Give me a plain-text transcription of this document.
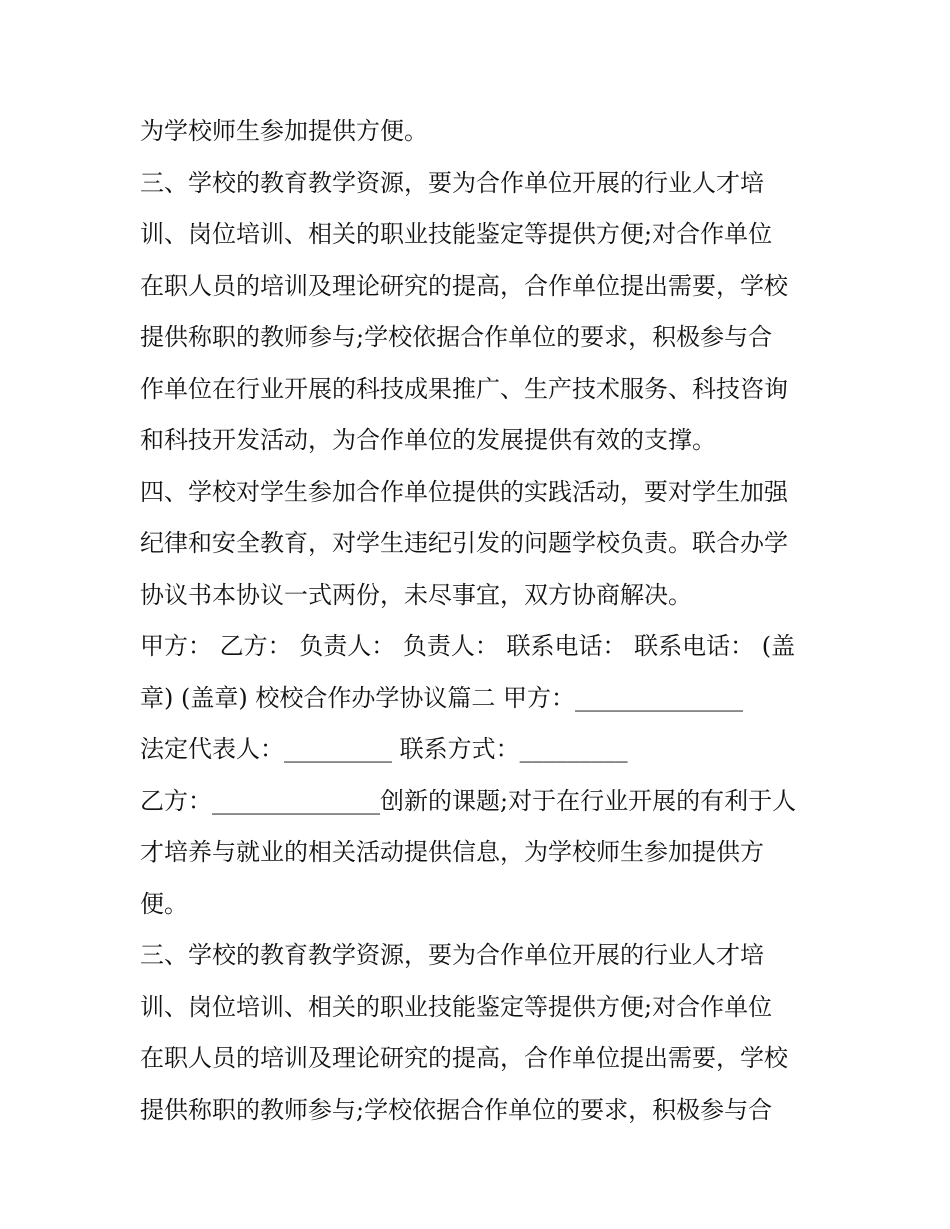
为学校师生参加提供方便。

三、学校的教育教学资源，要为合作单位开展的行业人才培
训、岗位培训、相关的职业技能鉴定等提供方便;对合作单位
在职人员的培训及理论研究的提高，合作单位提出需要，学校
提供称职的教师参与;学校依据合作单位的要求，积极参与合
作单位在行业开展的科技成果推广、生产技术服务、科技咨询
和科技开发活动，为合作单位的发展提供有效的支撑。

四、学校对学生参加合作单位提供的实践活动，要对学生加强
纪律和安全教育，对学生违纪引发的问题学校负责。联合办学
协议书本协议一式两份，未尽事宜，双方协商解决。

甲方： 乙方： 负责人： 负责人： 联系电话： 联系电话： (盖
章) (盖章) 校校合作办学协议篇二 甲方：______________

法定代表人：_________ 联系方式：_________

乙方：______________创新的课题;对于在行业开展的有利于人
才培养与就业的相关活动提供信息，为学校师生参加提供方
便。

三、学校的教育教学资源，要为合作单位开展的行业人才培
训、岗位培训、相关的职业技能鉴定等提供方便;对合作单位
在职人员的培训及理论研究的提高，合作单位提出需要，学校
提供称职的教师参与;学校依据合作单位的要求，积极参与合
